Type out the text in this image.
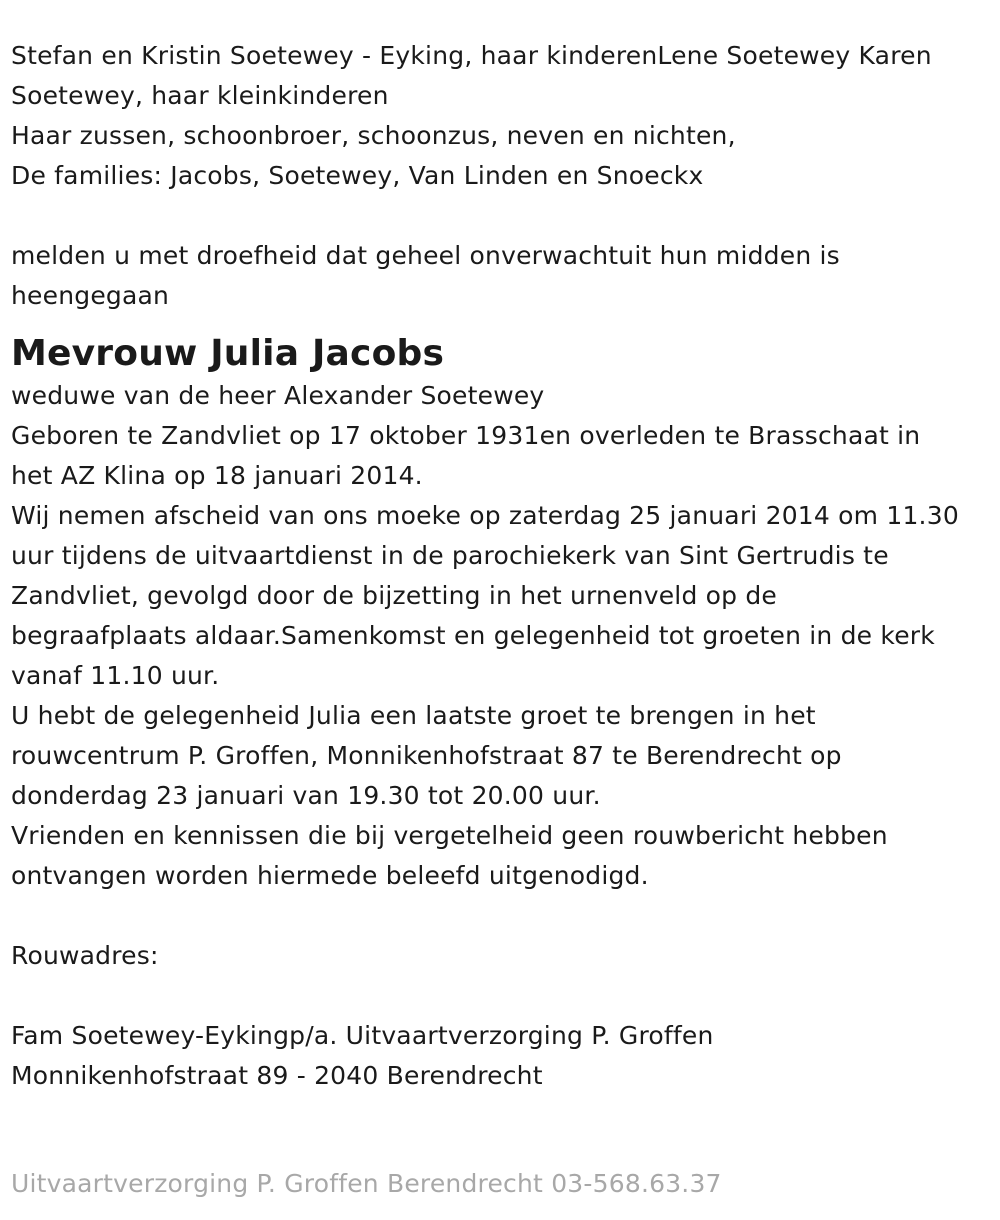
Stefan en Kristin Soetewey - Eyking, haar kinderenLene Soetewey Karen
Soetewey, haar kleinkinderen
Haar zussen, schoonbroer, schoonzus, neven en nichten,
De families: Jacobs, Soetewey, Van Linden en Snoeckx
melden u met droefheid dat geheel onverwachtuit hun midden is
heengegaan
Mevrouw Julia Jacobs
weduwe van de heer Alexander Soetewey
Geboren te Zandvliet op 17 oktober 1931en overleden te Brasschaat in
het AZ Klina op 18 januari 2014.
Wij nemen afscheid van ons moeke op zaterdag 25 januari 2014 om 11.30
uur tijdens de uitvaartdienst in de parochiekerk van Sint Gertrudis te
Zandvliet, gevolgd door de bijzetting in het urnenveld op de
begraafplaats aldaar.Samenkomst en gelegenheid tot groeten in de kerk
vanaf 11.10 uur.
U hebt de gelegenheid Julia een laatste groet te brengen in het
rouwcentrum P. Groffen, Monnikenhofstraat 87 te Berendrecht op
donderdag 23 januari van 19.30 tot 20.00 uur.
Vrienden en kennissen die bij vergetelheid geen rouwbericht hebben
ontvangen worden hiermede beleefd uitgenodigd.
Rouwadres:
Fam Soetewey-Eykingp/a. Uitvaartverzorging P. Groffen
Monnikenhofstraat 89 - 2040 Berendrecht
Uitvaartverzorging P. Groffen Berendrecht 03-568.63.37
